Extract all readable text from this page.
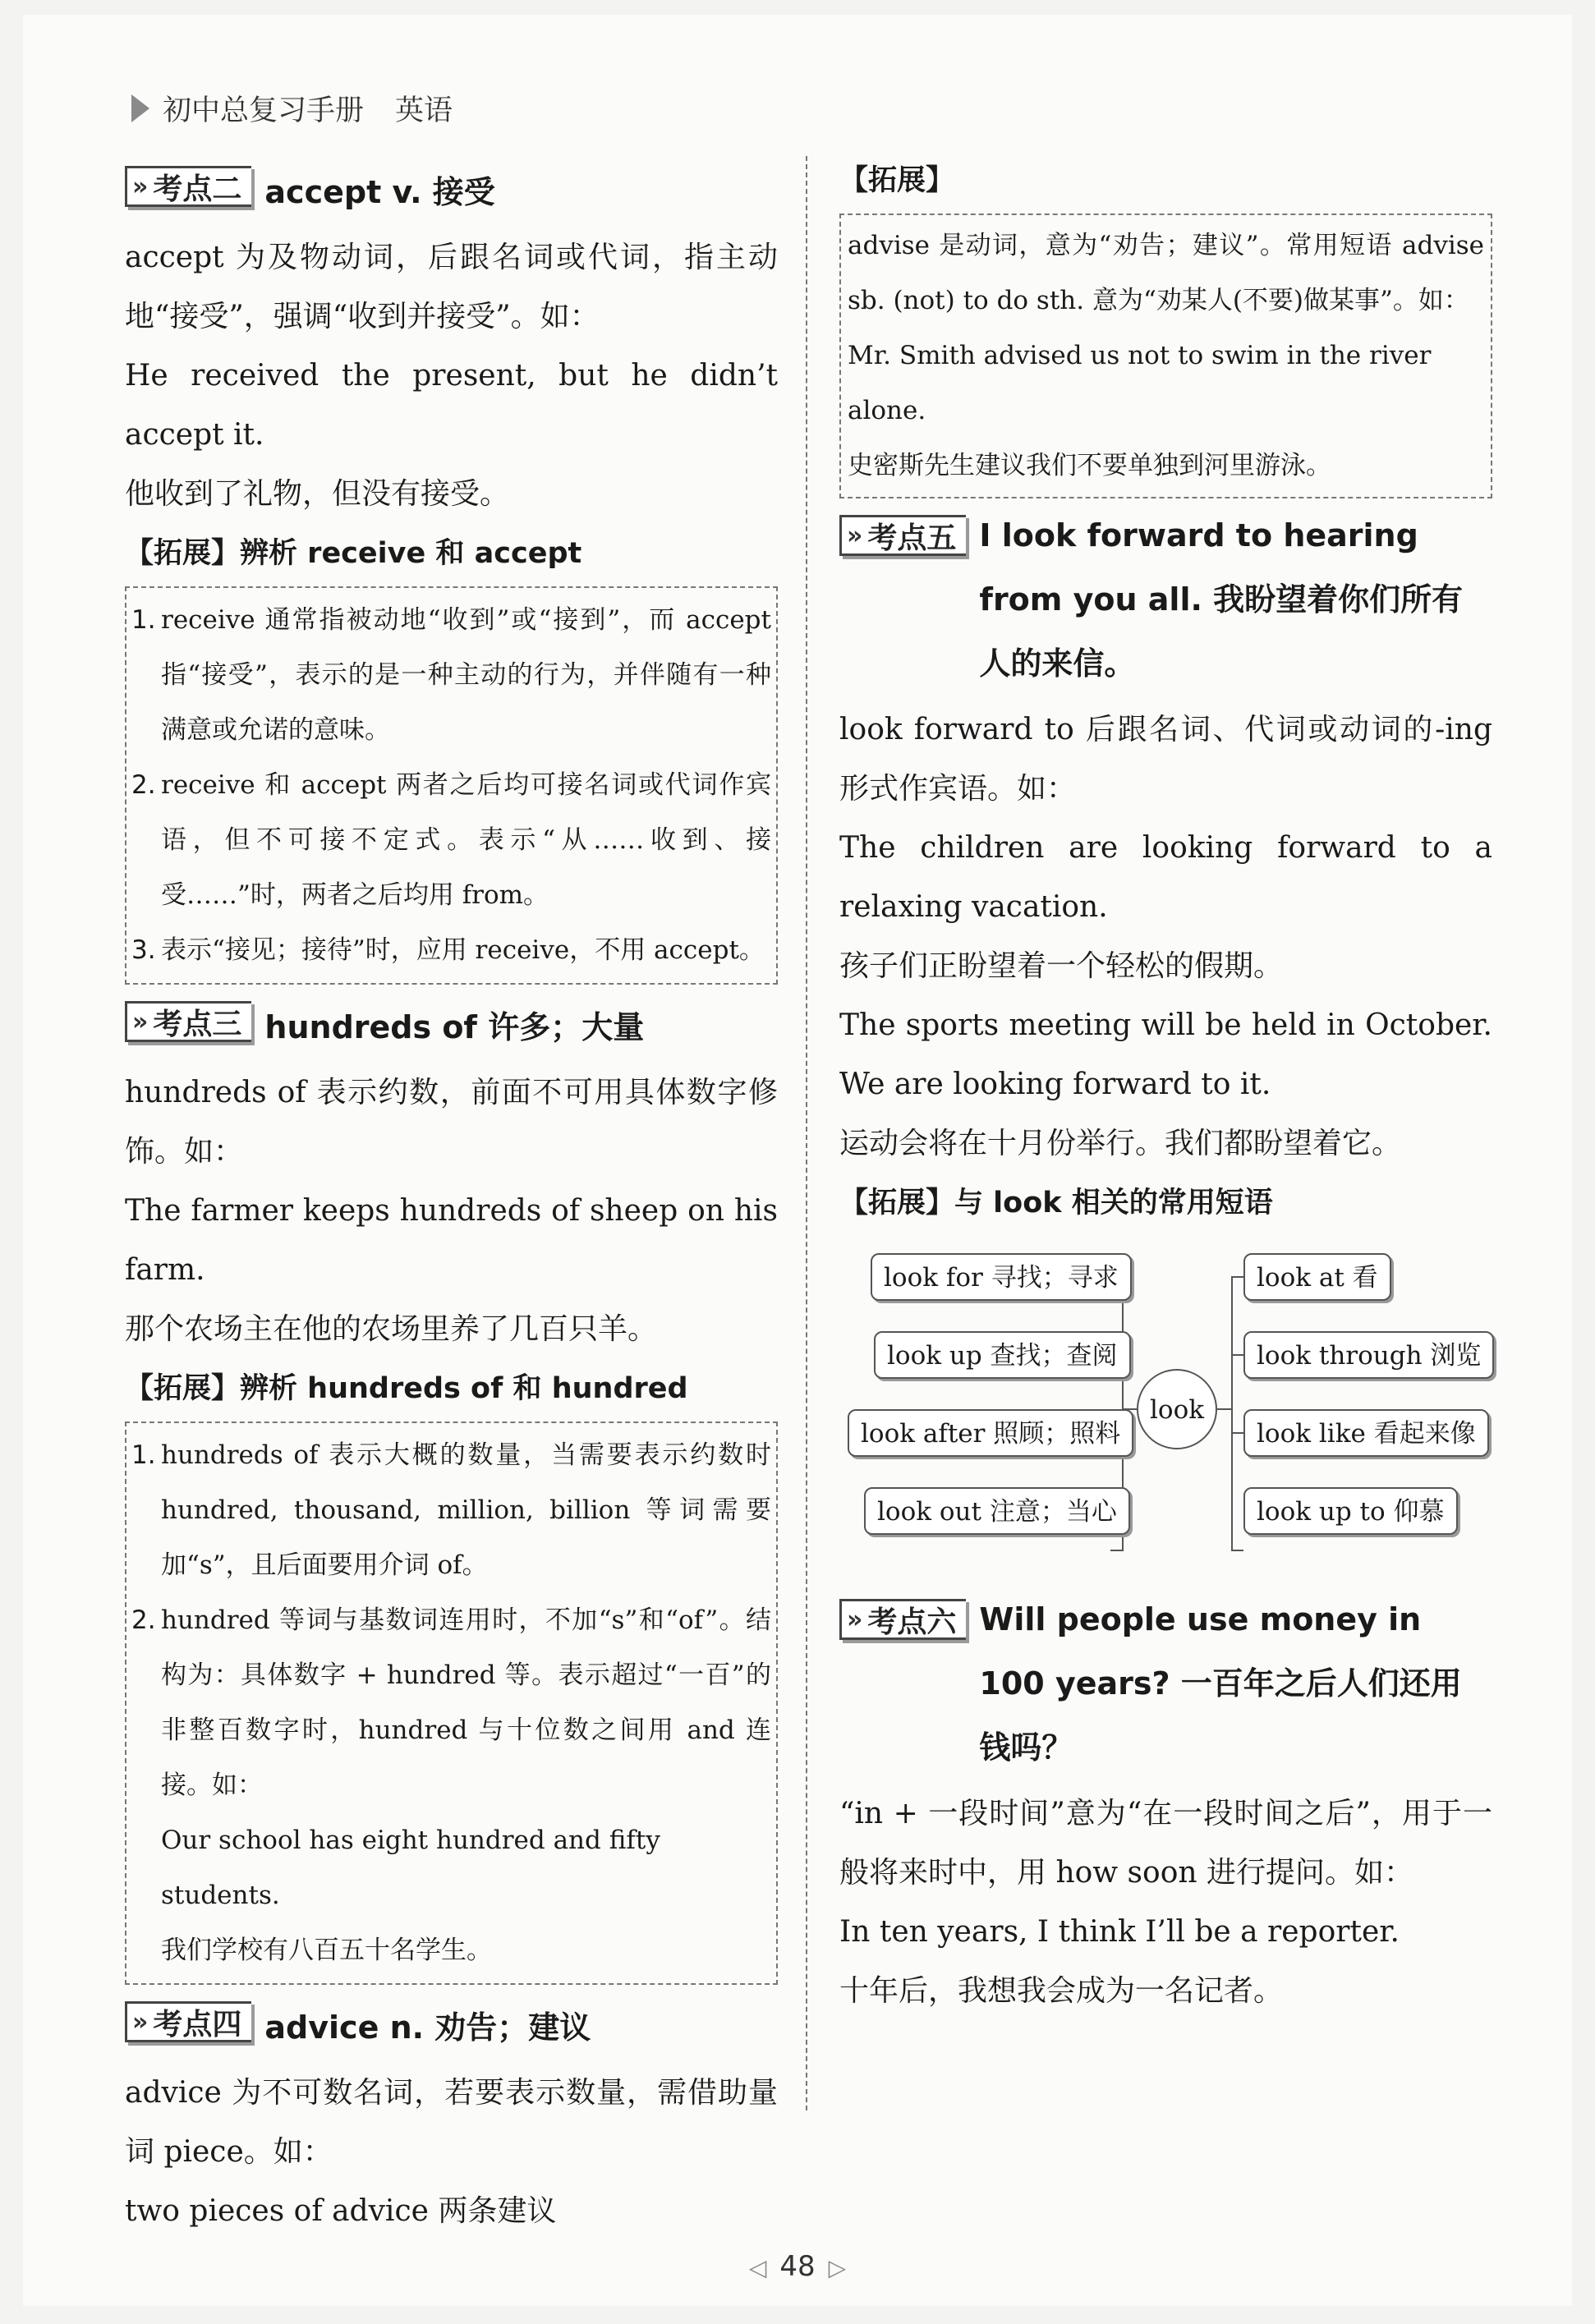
初中总复习手册 英语
» 考点二 accept v. 接受

accept 为及物动词，后跟名词或代词，指主动地“接受”，强调“收到并接受”。如：

He received the present, but he didn’t accept it.

他收到了礼物，但没有接受。

【拓展】辨析 receive 和 accept

1. receive 通常指被动地“收到”或“接到”，而 accept 指“接受”，表示的是一种主动的行为，并伴随有一种满意或允诺的意味。
2. receive 和 accept 两者之后均可接名词或代词作宾语，但不可接不定式。表示“从……收到、接受……”时，两者之后均用 from。
3. 表示“接见；接待”时，应用 receive，不用 accept。
» 考点三 hundreds of 许多；大量

hundreds of 表示约数，前面不可用具体数字修饰。如：

The farmer keeps hundreds of sheep on his farm.

那个农场主在他的农场里养了几百只羊。

【拓展】辨析 hundreds of 和 hundred

1. hundreds of 表示大概的数量，当需要表示约数时 hundred, thousand, million, billion 等词需要加“s”，且后面要用介词 of。
2. hundred 等词与基数词连用时，不加“s”和“of”。结构为：具体数字 + hundred 等。表示超过“一百”的非整百数字时，hundred 与十位数之间用 and 连接。如：
Our school has eight hundred and fifty students.
我们学校有八百五十名学生。
» 考点四 advice n. 劝告；建议

advice 为不可数名词，若要表示数量，需借助量词 piece。如：

two pieces of advice 两条建议

【拓展】

advise 是动词，意为“劝告；建议”。常用短语 advise sb. (not) to do sth. 意为“劝某人(不要)做某事”。如：
Mr. Smith advised us not to swim in the river alone.
史密斯先生建议我们不要单独到河里游泳。
» 考点五 I look forward to hearing from you all. 我盼望着你们所有人的来信。

look forward to 后跟名词、代词或动词的-ing 形式作宾语。如：

The children are looking forward to a relaxing vacation.

孩子们正盼望着一个轻松的假期。

The sports meeting will be held in October. We are looking forward to it.

运动会将在十月份举行。我们都盼望着它。

【拓展】与 look 相关的常用短语

look for 寻找；寻求
look up 查找；查阅
look after 照顾；照料
look out 注意；当心
look
look at 看
look through 浏览
look like 看起来像
look up to 仰慕
» 考点六 Will people use money in 100 years? 一百年之后人们还用钱吗？

“in + 一段时间”意为“在一段时间之后”，用于一般将来时中，用 how soon 进行提问。如：

In ten years, I think I’ll be a reporter.

十年后，我想我会成为一名记者。

◁ 48 ▷
